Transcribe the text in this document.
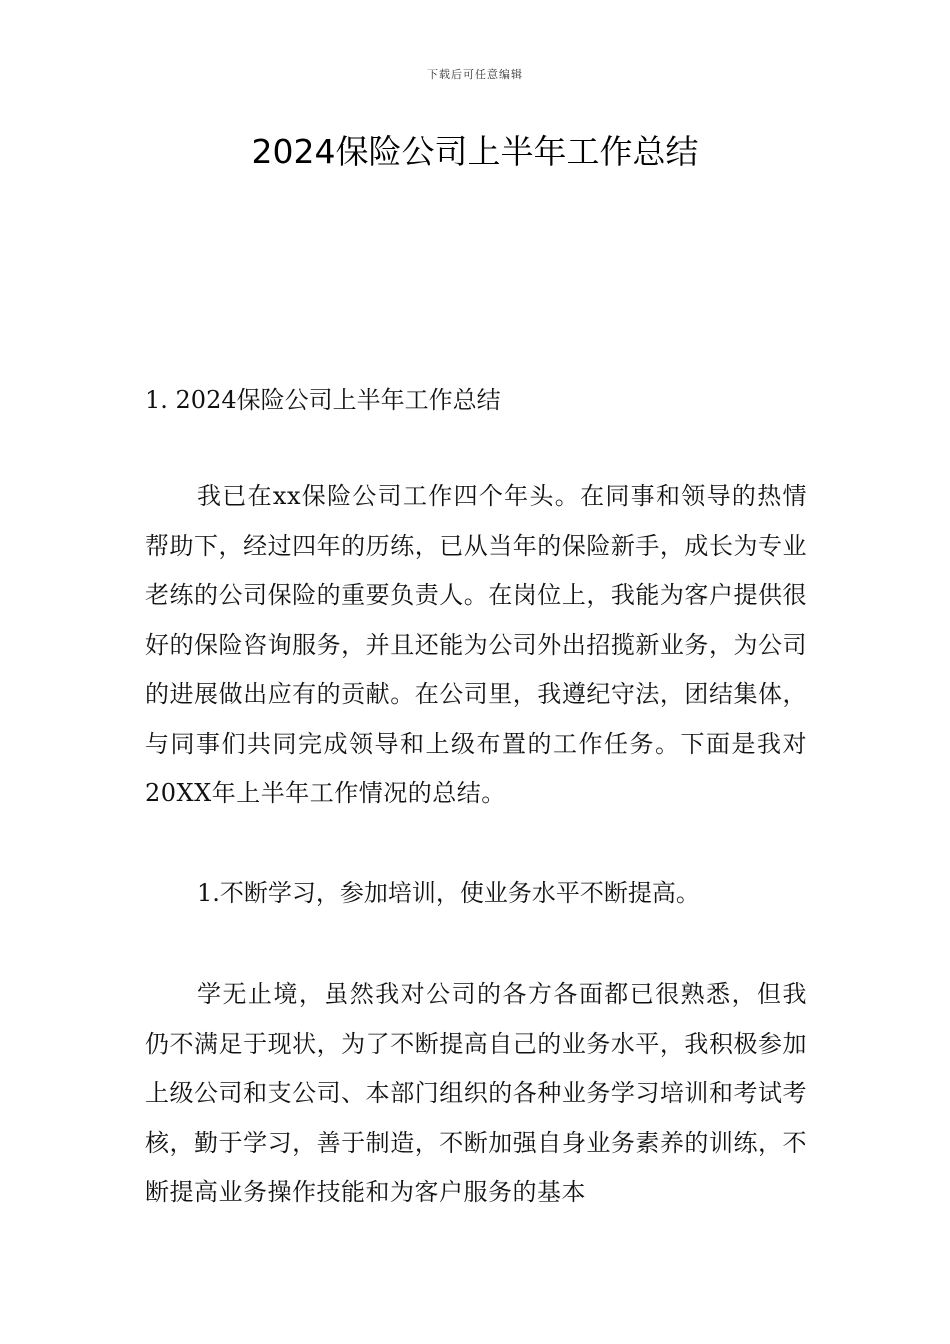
下载后可任意编辑
2024保险公司上半年工作总结
1. 2024保险公司上半年工作总结

我已在xx保险公司工作四个年头。在同事和领导的热情帮助下，经过四年的历练，已从当年的保险新手，成长为专业老练的公司保险的重要负责人。在岗位上，我能为客户提供很好的保险咨询服务，并且还能为公司外出招揽新业务，为公司的进展做出应有的贡献。在公司里，我遵纪守法，团结集体，与同事们共同完成领导和上级布置的工作任务。下面是我对20XX年上半年工作情况的总结。

1.不断学习，参加培训，使业务水平不断提高。

学无止境，虽然我对公司的各方各面都已很熟悉，但我仍不满足于现状，为了不断提高自己的业务水平，我积极参加上级公司和支公司、本部门组织的各种业务学习培训和考试考核，勤于学习，善于制造，不断加强自身业务素养的训练，不断提高业务操作技能和为客户服务的基本
